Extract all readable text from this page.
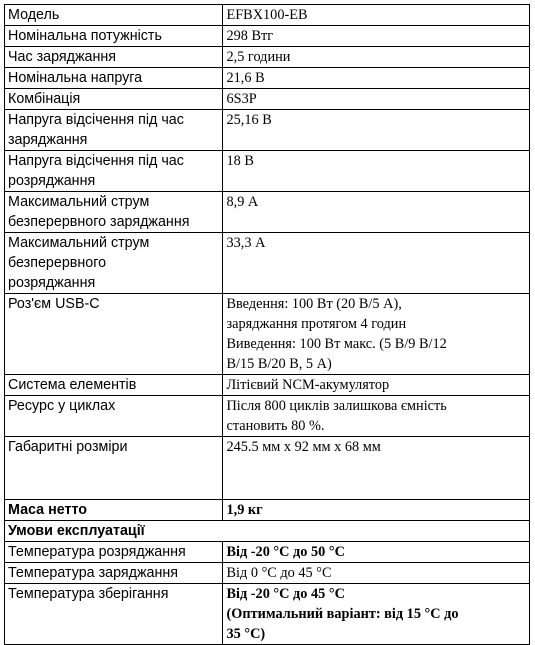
Модель	EFBX100-EB
Номінальна потужність	298 Втг
Час заряджання	2,5 години
Номінальна напруга	21,6 В
Комбінація	6S3P

Напруга відсічення під час
заряджання	25,16 В

Напруга відсічення під час
розряджання	18 В

Максимальний струм
безперервного заряджання	8,9 А

Максимальний струм
безперервного
розряджання	33,3 А
Роз'єм USB-C	Введення: 100 Вт (20 В/5 А),
заряджання протягом 4 годин
Виведення: 100 Вт макс. (5 В/9 В/12
В/15 В/20 В, 5 А)

Система елементів	Літієвий NCM-акумулятор
Ресурс у циклах	Після 800 циклів залишкова ємність
становить 80 %.

Габаритні розміри	245.5 мм x 92 мм x 68 мм
Маса нетто	1,9 кг
Умови експлуатації	
Температура розряджання	Від -20 °C до 50 °C
Температура заряджання	Від 0 °C до 45 °C
Температура зберігання	Від -20 °C до 45 °C
(Оптимальний варіант: від 15 °C до
35 °C)
